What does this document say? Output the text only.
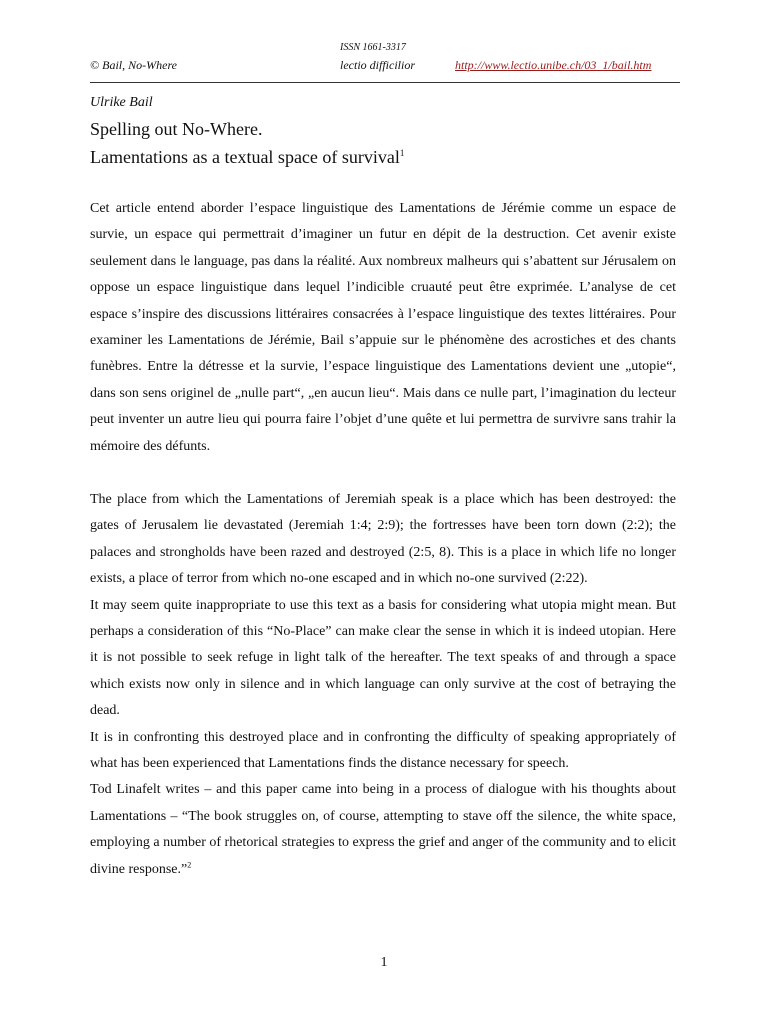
ISSN 1661-3317
© Bail, No-Where	lectio difficilior	http://www.lectio.unibe.ch/03_1/bail.htm
Ulrike Bail
Spelling out No-Where.
Lamentations as a textual space of survival$^1$

Cet article entend aborder l’espace linguistique des Lamentations de Jérémie comme un espace de survie, un espace qui permettrait d’imaginer un futur en dépit de la destruction. Cet avenir existe seulement dans le language, pas dans la réalité. Aux nombreux malheurs qui s’abattent sur Jérusalem on oppose un espace linguistique dans lequel l’indicible cruauté peut être exprimée. L’analyse de cet espace s’inspire des discussions littéraires consacrées à l’espace linguistique des textes littéraires. Pour examiner les Lamentations de Jérémie, Bail s’appuie sur le phénomène des acrostiches et des chants funèbres. Entre la détresse et la survie, l’espace linguistique des Lamentations devient une „utopie“, dans son sens originel de „nulle part“, „en aucun lieu“. Mais dans ce nulle part, l’imagination du lecteur peut inventer un autre lieu qui pourra faire l’objet d’une quête et lui permettra de survivre sans trahir la mémoire des défunts.

The place from which the Lamentations of Jeremiah speak is a place which has been destroyed: the gates of Jerusalem lie devastated (Jeremiah 1:4; 2:9); the fortresses have been torn down (2:2); the palaces and strongholds have been razed and destroyed (2:5, 8). This is a place in which life no longer exists, a place of terror from which no-one escaped and in which no-one survived (2:22).

It may seem quite inappropriate to use this text as a basis for considering what utopia might mean. But perhaps a consideration of this “No-Place” can make clear the sense in which it is indeed utopian. Here it is not possible to seek refuge in light talk of the hereafter. The text speaks of and through a space which exists now only in silence and in which language can only survive at the cost of betraying the dead.

It is in confronting this destroyed place and in confronting the difficulty of speaking appropriately of what has been experienced that Lamentations finds the distance necessary for speech.

Tod Linafelt writes – and this paper came into being in a process of dialogue with his thoughts about Lamentations – “The book struggles on, of course, attempting to stave off the silence, the white space, employing a number of rhetorical strategies to express the grief and anger of the community and to elicit divine response.”$^2$

1
